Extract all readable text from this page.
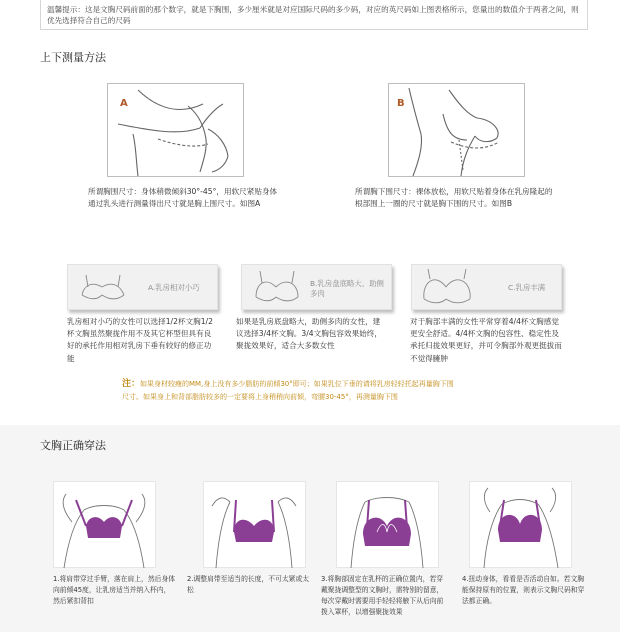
温馨提示：这是文胸尺码前面的那个数字，就是下胸围，多少厘米就是对应国际尺码的多少码，对应的英尺码如上图表格所示，您量出的数值介于两者之间，则优先选择符合自己的尺码
上下测量方法
A
所谓胸围尺寸：身体稍微倾斜30°-45°，用软尺紧贴身体通过乳头进行测量得出尺寸就是胸上围尺寸。如图A
B
所谓胸下围尺寸：裸体放松，用软尺贴着身体在乳房隆起的根部围上一圈的尺寸就是胸下围的尺寸。如图B
A.乳房相对小巧	B.乳房盘底略大、助侧多肉
C.乳房丰满
乳房相对小巧的女性可以选择1/2杯文胸1/2杯文胸虽然聚拢作用不及其它杯型但具有良好的承托作用相对乳房下垂有较好的修正功能
如果是乳房底盘略大，助侧多肉的女性，建议选择3/4杯文胸。3/4文胸包容效果始终，聚拢效果好，适合大多数女性
对于胸部丰满的女性平常穿着4/4杯文胸感觉更安全舒适。4/4杯文胸的包容性、稳定性及承托归拢效果更好，并可令胸部外观更挺拔而不觉得臃肿
注：如果身材较瘦的MM,身上没有多少脂肪的前倾30°即可；如果乳位下垂的请将乳房轻轻托起再量胸下围
尺寸。如果身上和背部脂肪较多的一定要将上身稍稍向前倾，弯腰30-45°，再测量胸下围
文胸正确穿法
1.将肩带穿过手臂，落在肩上，然后身体向前倾45度，让乳房适当并纳入杯内，然后紧扣背扣
2.调整肩带至适当的长度，不可太紧或太松
3.将胸部固定在乳杯的正确位置内，若穿戴聚拢调整型的文胸时，需特别的留意，每次穿戴时需要用手轻轻将腋下从后向前拨入罩杯，以增强聚拢效果
4.扭动身体，看看是否活动自如。若文胸能保持原有的位置，则表示文胸尺码和穿法都正确。
